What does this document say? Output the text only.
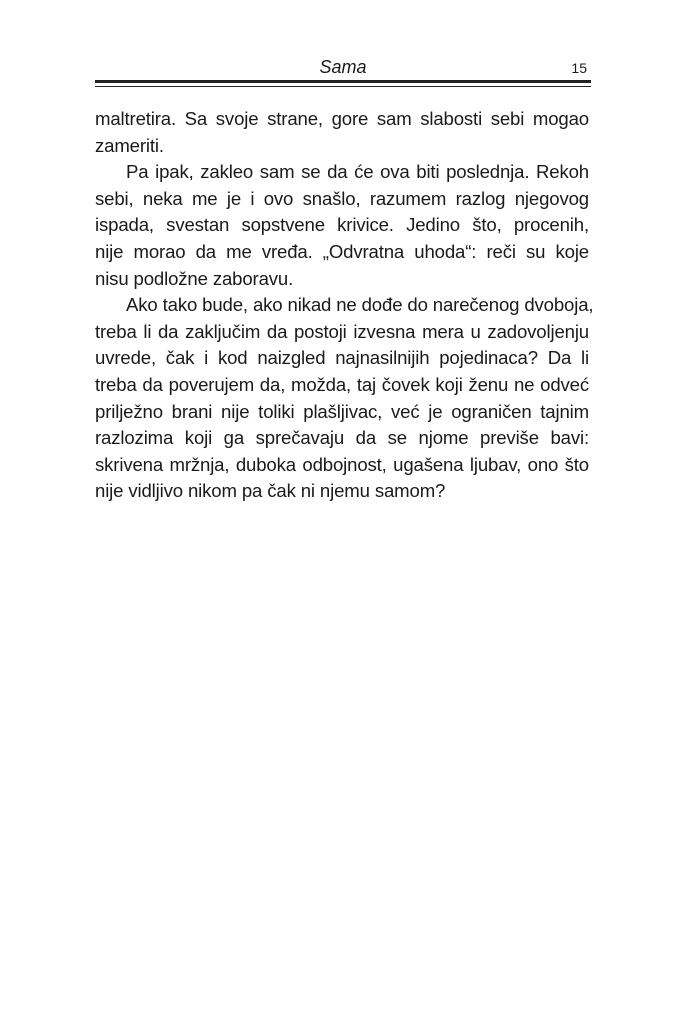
Sama	15
maltretira. Sa svoje strane, gore sam slabosti sebi mogao
zameriti.
Pa ipak, zakleo sam se da će ova biti poslednja. Rekoh
sebi, neka me je i ovo snašlo, razumem razlog njegovog
ispada, svestan sopstvene krivice. Jedino što, procenih,
nije morao da me vređa. „Odvratna uhoda“: reči su koje
nisu podložne zaboravu.
Ako tako bude, ako nikad ne dođe do narečenog dvoboja,
treba li da zaključim da postoji izvesna mera u zadovoljenju
uvrede, čak i kod naizgled najnasilnijih pojedinaca? Da li
treba da poverujem da, možda, taj čovek koji ženu ne odveć
prilježno brani nije toliki plašljivac, već je ograničen tajnim
razlozima koji ga sprečavaju da se njome previše bavi:
skrivena mržnja, duboka odbojnost, ugašena ljubav, ono što
nije vidljivo nikom pa čak ni njemu samom?
